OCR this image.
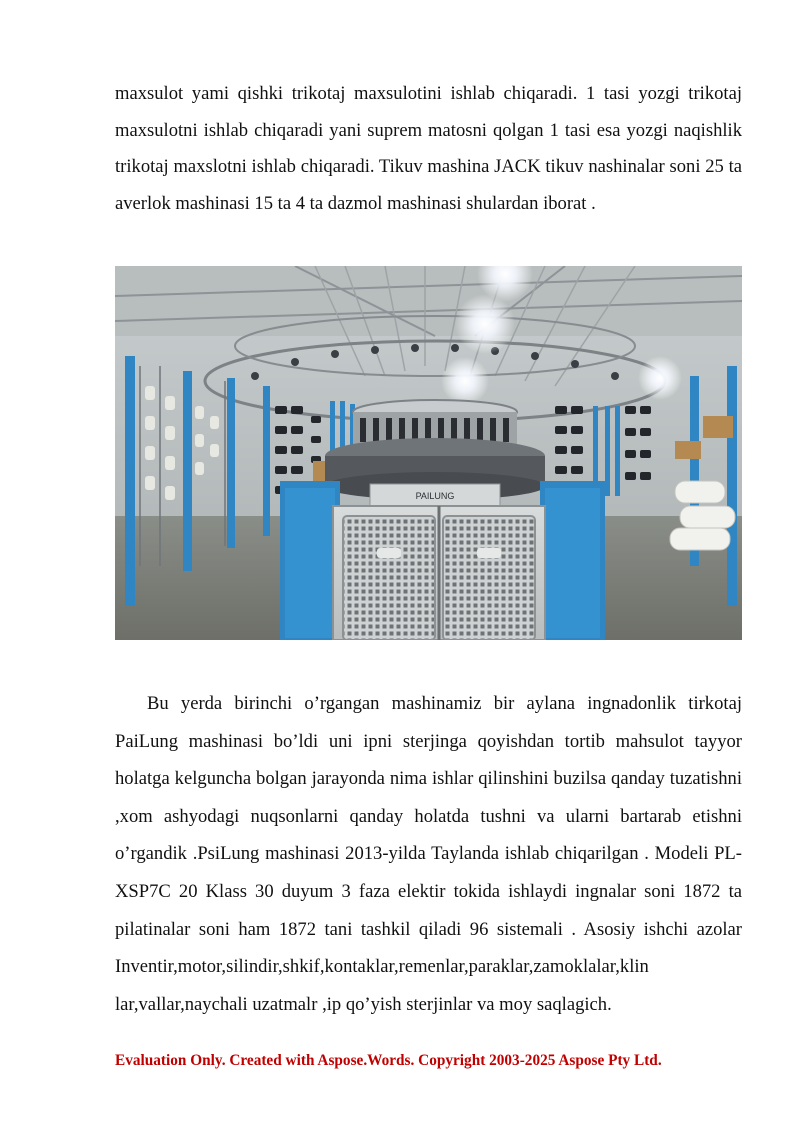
maxsulot yami qishki trikotaj maxsulotini ishlab chiqaradi. 1 tasi yozgi trikotaj maxsulotni ishlab chiqaradi yani suprem matosni qolgan 1 tasi esa yozgi naqishlik trikotaj maxslotni ishlab chiqaradi. Tikuv mashina JACK tikuv nashinalar soni 25 ta averlok mashinasi 15 ta 4 ta dazmol mashinasi shulardan iborat .

PAILUNG

Bu yerda birinchi o’rgangan mashinamiz bir aylana ingnadonlik tirkotaj PaiLung mashinasi bo’ldi uni ipni sterjinga qoyishdan tortib mahsulot tayyor holatga kelguncha bolgan jarayonda nima ishlar qilinshini buzilsa qanday tuzatishni ,xom ashyodagi nuqsonlarni qanday holatda tushni va ularni bartarab etishni o’rgandik .PsiLung mashinasi 2013-yilda Taylanda ishlab chiqarilgan . Modeli PL-XSP7C 20 Klass 30 duyum 3 faza elektir tokida ishlaydi ingnalar soni 1872 ta pilatinalar soni ham 1872 tani tashkil qiladi 96 sistemali . Asosiy ishchi azolar Inventir,motor,silindir,shkif,kontaklar,remenlar,paraklar,zamoklalar,klin lar,vallar,naychali uzatmalr ,ip qo’yish sterjinlar va moy saqlagich.

Evaluation Only. Created with Aspose.Words. Copyright 2003-2025 Aspose Pty Ltd.
